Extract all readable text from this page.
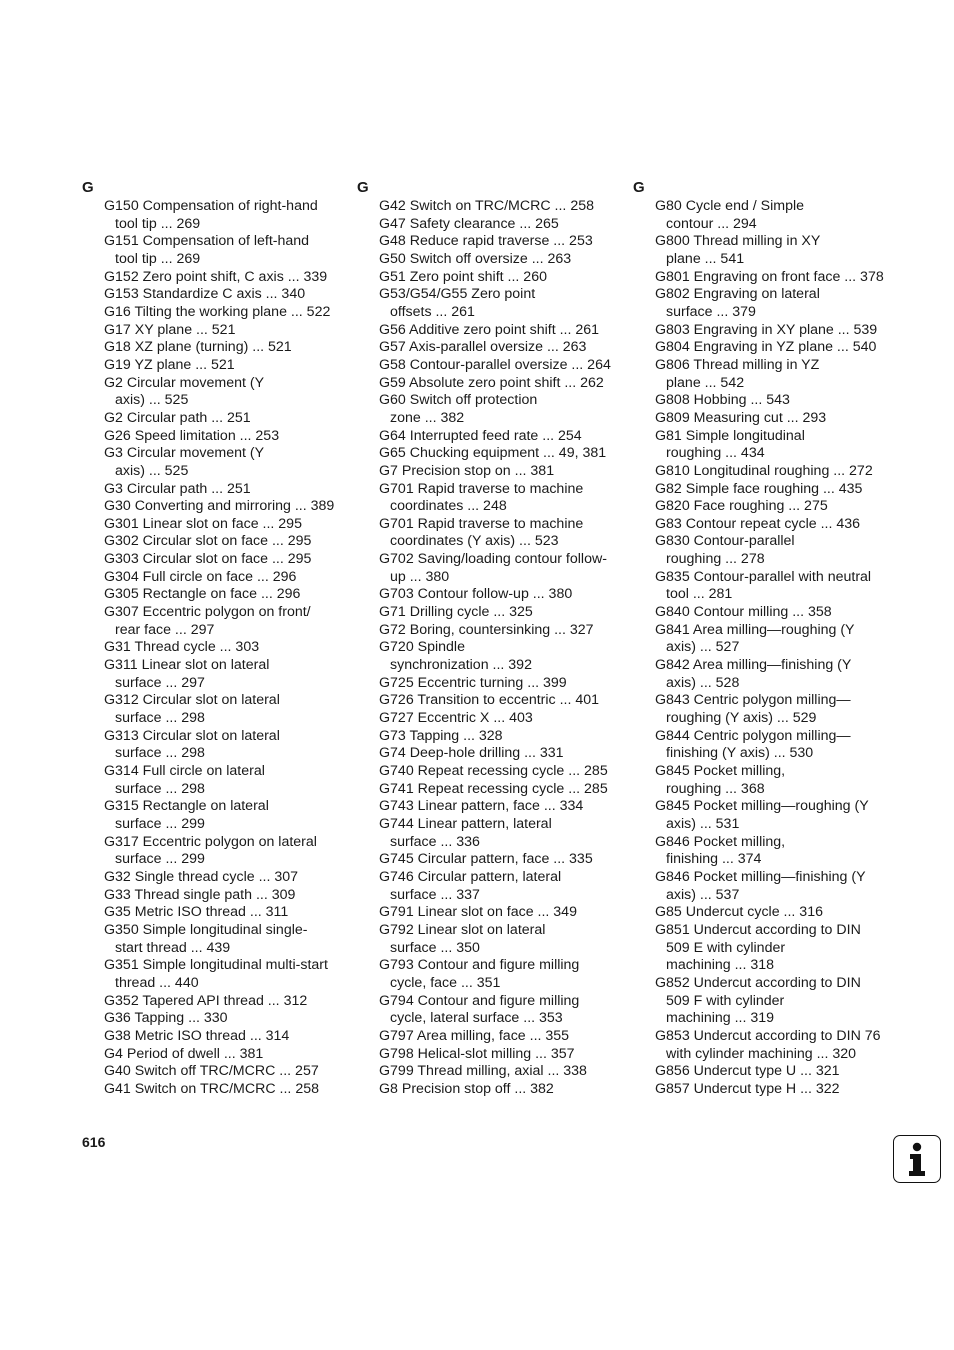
G
G150 Compensation of right-hand
tool tip ... 269
G151 Compensation of left-hand
tool tip ... 269
G152 Zero point shift, C axis ... 339
G153 Standardize C axis ... 340
G16 Tilting the working plane ... 522
G17 XY plane ... 521
G18 XZ plane (turning) ... 521
G19 YZ plane ... 521
G2 Circular movement (Y
axis) ... 525
G2 Circular path ... 251
G26 Speed limitation ... 253
G3 Circular movement (Y
axis) ... 525
G3 Circular path ... 251
G30 Converting and mirroring ... 389
G301 Linear slot on face ... 295
G302 Circular slot on face ... 295
G303 Circular slot on face ... 295
G304 Full circle on face ... 296
G305 Rectangle on face ... 296
G307 Eccentric polygon on front/
rear face ... 297
G31 Thread cycle ... 303
G311 Linear slot on lateral
surface ... 297
G312 Circular slot on lateral
surface ... 298
G313 Circular slot on lateral
surface ... 298
G314 Full circle on lateral
surface ... 298
G315 Rectangle on lateral
surface ... 299
G317 Eccentric polygon on lateral
surface ... 299
G32 Single thread cycle ... 307
G33 Thread single path ... 309
G35 Metric ISO thread ... 311
G350 Simple longitudinal single-
start thread ... 439
G351 Simple longitudinal multi-start
thread ... 440
G352 Tapered API thread ... 312
G36 Tapping ... 330
G38 Metric ISO thread ... 314
G4 Period of dwell ... 381
G40 Switch off TRC/MCRC ... 257
G41 Switch on TRC/MCRC ... 258
G
G42 Switch on TRC/MCRC ... 258
G47 Safety clearance ... 265
G48 Reduce rapid traverse ... 253
G50 Switch off oversize ... 263
G51 Zero point shift ... 260
G53/G54/G55 Zero point
offsets ... 261
G56 Additive zero point shift ... 261
G57 Axis-parallel oversize ... 263
G58 Contour-parallel oversize ... 264
G59 Absolute zero point shift ... 262
G60 Switch off protection
zone ... 382
G64 Interrupted feed rate ... 254
G65 Chucking equipment ... 49, 381
G7 Precision stop on ... 381
G701 Rapid traverse to machine
coordinates ... 248
G701 Rapid traverse to machine
coordinates (Y axis) ... 523
G702 Saving/loading contour follow-
up ... 380
G703 Contour follow-up ... 380
G71 Drilling cycle ... 325
G72 Boring, countersinking ... 327
G720 Spindle
synchronization ... 392
G725 Eccentric turning ... 399
G726 Transition to eccentric ... 401
G727 Eccentric X ... 403
G73 Tapping ... 328
G74 Deep-hole drilling ... 331
G740 Repeat recessing cycle ... 285
G741 Repeat recessing cycle ... 285
G743 Linear pattern, face ... 334
G744 Linear pattern, lateral
surface ... 336
G745 Circular pattern, face ... 335
G746 Circular pattern, lateral
surface ... 337
G791 Linear slot on face ... 349
G792 Linear slot on lateral
surface ... 350
G793 Contour and figure milling
cycle, face ... 351
G794 Contour and figure milling
cycle, lateral surface ... 353
G797 Area milling, face ... 355
G798 Helical-slot milling ... 357
G799 Thread milling, axial ... 338
G8 Precision stop off ... 382
G
G80 Cycle end / Simple
contour ... 294
G800 Thread milling in XY
plane ... 541
G801 Engraving on front face ... 378
G802 Engraving on lateral
surface ... 379
G803 Engraving in XY plane ... 539
G804 Engraving in YZ plane ... 540
G806 Thread milling in YZ
plane ... 542
G808 Hobbing ... 543
G809 Measuring cut ... 293
G81 Simple longitudinal
roughing ... 434
G810 Longitudinal roughing ... 272
G82 Simple face roughing ... 435
G820 Face roughing ... 275
G83 Contour repeat cycle ... 436
G830 Contour-parallel
roughing ... 278
G835 Contour-parallel with neutral
tool ... 281
G840 Contour milling ... 358
G841 Area milling—roughing (Y
axis) ... 527
G842 Area milling—finishing (Y
axis) ... 528
G843 Centric polygon milling—
roughing (Y axis) ... 529
G844 Centric polygon milling—
finishing (Y axis) ... 530
G845 Pocket milling,
roughing ... 368
G845 Pocket milling—roughing (Y
axis) ... 531
G846 Pocket milling,
finishing ... 374
G846 Pocket milling—finishing (Y
axis) ... 537
G85 Undercut cycle ... 316
G851 Undercut according to DIN
509 E with cylinder
machining ... 318
G852 Undercut according to DIN
509 F with cylinder
machining ... 319
G853 Undercut according to DIN 76
with cylinder machining ... 320
G856 Undercut type U ... 321
G857 Undercut type H ... 322
616
